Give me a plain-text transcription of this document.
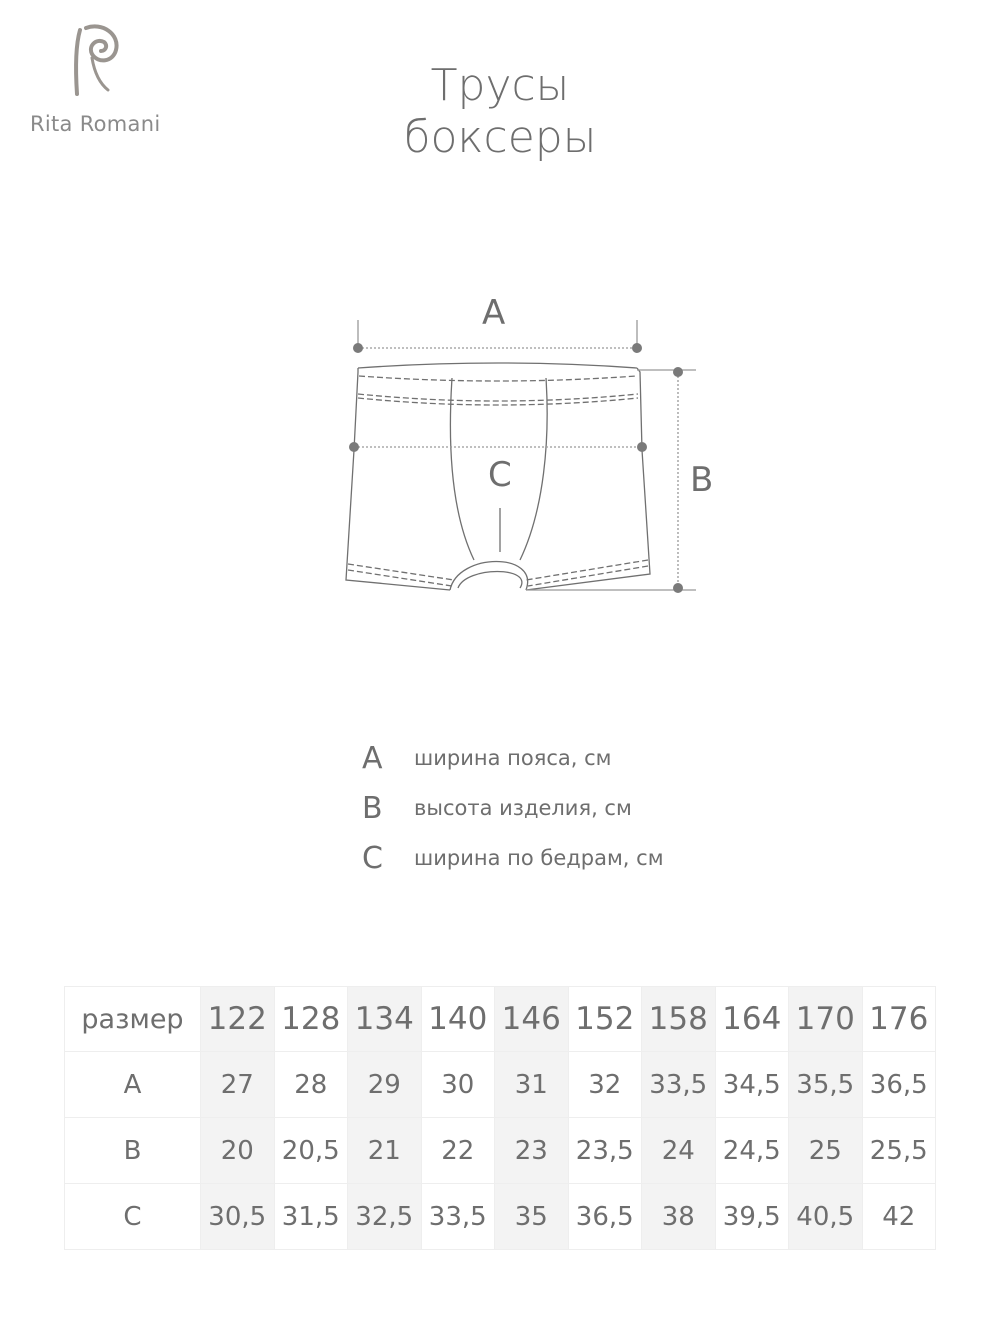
Rita Romani
Трусы
боксеры
A
B
C
A ширина пояса, см
B высота изделия, см
C ширина по бедрам, см
размер	122	128	134	140	146	152	158	164	170	176
A	27	28	29	30	31	32	33,5	34,5	35,5	36,5
B	20	20,5	21	22	23	23,5	24	24,5	25	25,5
C	30,5	31,5	32,5	33,5	35	36,5	38	39,5	40,5	42
